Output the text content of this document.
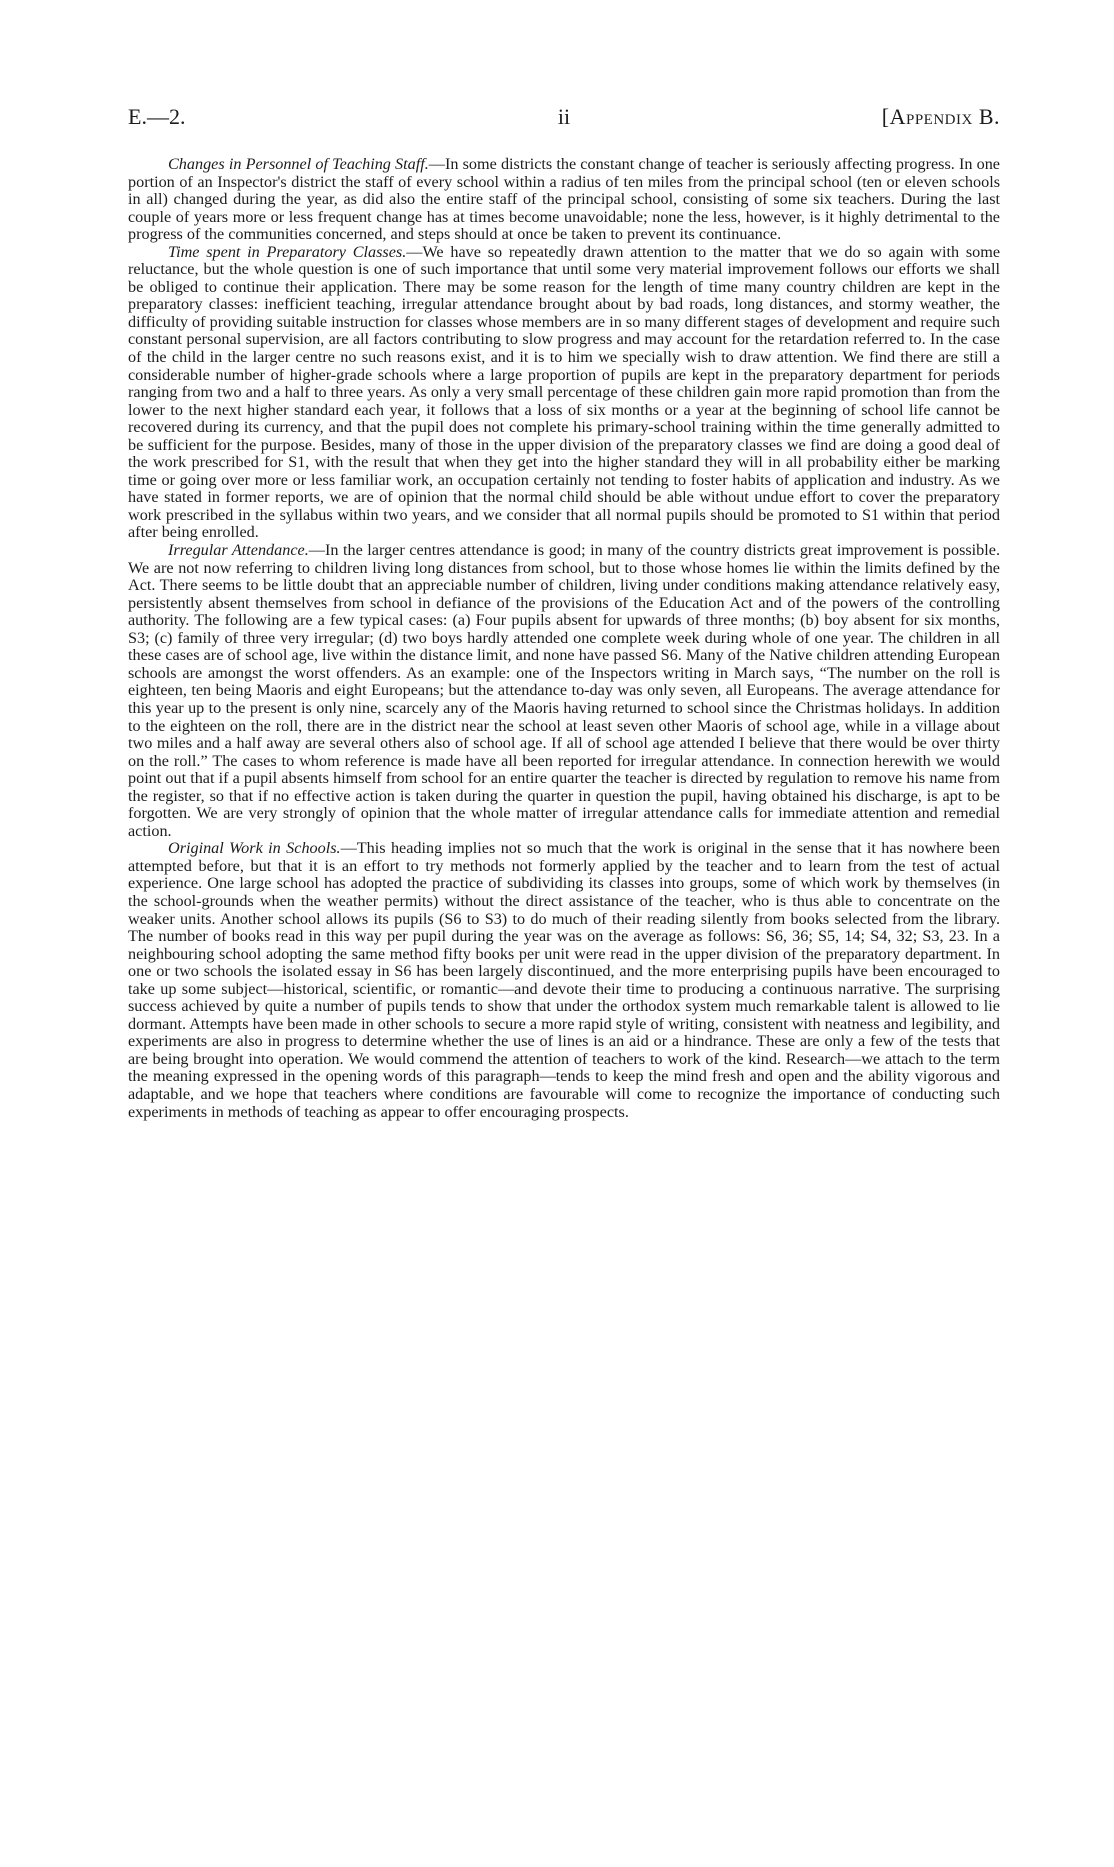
E.—2.	ii	[Appendix B.

Changes in Personnel of Teaching Staff.—In some districts the constant change of teacher is seriously affecting progress. In one portion of an Inspector's district the staff of every school within a radius of ten miles from the principal school (ten or eleven schools in all) changed during the year, as did also the entire staff of the principal school, consisting of some six teachers. During the last couple of years more or less frequent change has at times become unavoidable; none the less, however, is it highly detrimental to the progress of the communities concerned, and steps should at once be taken to prevent its continuance.

Time spent in Preparatory Classes.—We have so repeatedly drawn attention to the matter that we do so again with some reluctance, but the whole question is one of such importance that until some very material improvement follows our efforts we shall be obliged to continue their application. There may be some reason for the length of time many country children are kept in the preparatory classes: inefficient teaching, irregular attendance brought about by bad roads, long distances, and stormy weather, the difficulty of providing suitable instruction for classes whose members are in so many different stages of development and require such constant personal supervision, are all factors contributing to slow progress and may account for the retardation referred to. In the case of the child in the larger centre no such reasons exist, and it is to him we specially wish to draw attention. We find there are still a considerable number of higher-grade schools where a large proportion of pupils are kept in the preparatory department for periods ranging from two and a half to three years. As only a very small percentage of these children gain more rapid promotion than from the lower to the next higher standard each year, it follows that a loss of six months or a year at the beginning of school life cannot be recovered during its currency, and that the pupil does not complete his primary-school training within the time generally admitted to be sufficient for the purpose. Besides, many of those in the upper division of the preparatory classes we find are doing a good deal of the work prescribed for S1, with the result that when they get into the higher standard they will in all probability either be marking time or going over more or less familiar work, an occupation certainly not tending to foster habits of application and industry. As we have stated in former reports, we are of opinion that the normal child should be able without undue effort to cover the preparatory work prescribed in the syllabus within two years, and we consider that all normal pupils should be promoted to S1 within that period after being enrolled.

Irregular Attendance.—In the larger centres attendance is good; in many of the country districts great improvement is possible. We are not now referring to children living long distances from school, but to those whose homes lie within the limits defined by the Act. There seems to be little doubt that an appreciable number of children, living under conditions making attendance relatively easy, persistently absent themselves from school in defiance of the provisions of the Education Act and of the powers of the controlling authority. The following are a few typical cases: (a) Four pupils absent for upwards of three months; (b) boy absent for six months, S3; (c) family of three very irregular; (d) two boys hardly attended one complete week during whole of one year. The children in all these cases are of school age, live within the distance limit, and none have passed S6. Many of the Native children attending European schools are amongst the worst offenders. As an example: one of the Inspectors writing in March says, “The number on the roll is eighteen, ten being Maoris and eight Europeans; but the attendance to-day was only seven, all Europeans. The average attendance for this year up to the present is only nine, scarcely any of the Maoris having returned to school since the Christmas holidays. In addition to the eighteen on the roll, there are in the district near the school at least seven other Maoris of school age, while in a village about two miles and a half away are several others also of school age. If all of school age attended I believe that there would be over thirty on the roll.” The cases to whom reference is made have all been reported for irregular attendance. In connection herewith we would point out that if a pupil absents himself from school for an entire quarter the teacher is directed by regulation to remove his name from the register, so that if no effective action is taken during the quarter in question the pupil, having obtained his discharge, is apt to be forgotten. We are very strongly of opinion that the whole matter of irregular attendance calls for immediate attention and remedial action.

Original Work in Schools.—This heading implies not so much that the work is original in the sense that it has nowhere been attempted before, but that it is an effort to try methods not formerly applied by the teacher and to learn from the test of actual experience. One large school has adopted the practice of subdividing its classes into groups, some of which work by themselves (in the school-grounds when the weather permits) without the direct assistance of the teacher, who is thus able to concentrate on the weaker units. Another school allows its pupils (S6 to S3) to do much of their reading silently from books selected from the library. The number of books read in this way per pupil during the year was on the average as follows: S6, 36; S5, 14; S4, 32; S3, 23. In a neighbouring school adopting the same method fifty books per unit were read in the upper division of the preparatory department. In one or two schools the isolated essay in S6 has been largely discontinued, and the more enterprising pupils have been encouraged to take up some subject—historical, scientific, or romantic—and devote their time to producing a continuous narrative. The surprising success achieved by quite a number of pupils tends to show that under the orthodox system much remarkable talent is allowed to lie dormant. Attempts have been made in other schools to secure a more rapid style of writing, consistent with neatness and legibility, and experiments are also in progress to determine whether the use of lines is an aid or a hindrance. These are only a few of the tests that are being brought into operation. We would commend the attention of teachers to work of the kind. Research—we attach to the term the meaning expressed in the opening words of this paragraph—tends to keep the mind fresh and open and the ability vigorous and adaptable, and we hope that teachers where conditions are favourable will come to recognize the importance of conducting such experiments in methods of teaching as appear to offer encouraging prospects.
